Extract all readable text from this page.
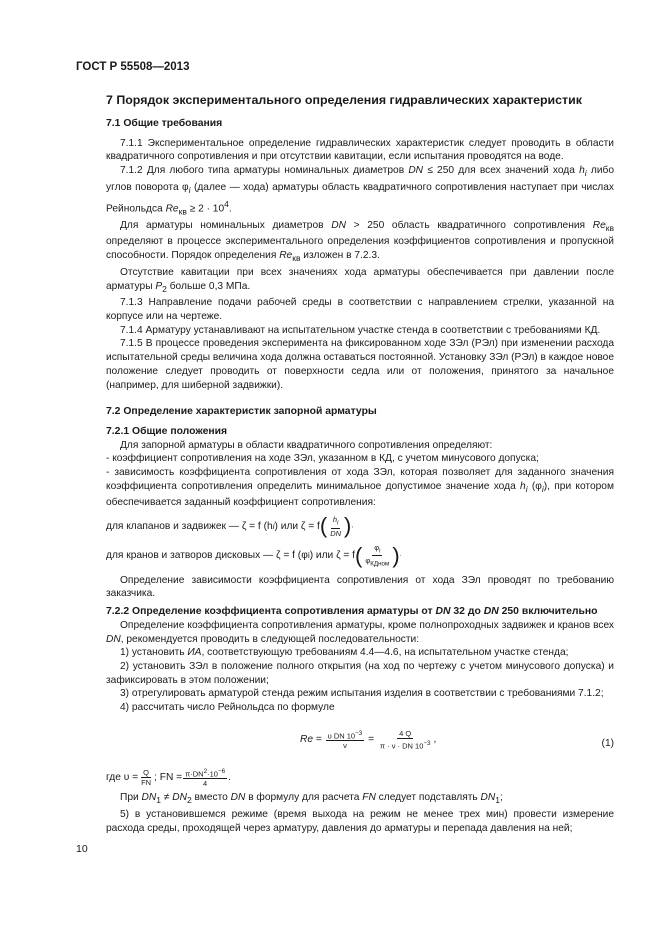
ГОСТ Р 55508—2013

7 Порядок экспериментального определения гидравлических характеристик

7.1 Общие требования

7.1.1 Экспериментальное определение гидравлических характеристик следует проводить в области квадратичного сопротивления и при отсутствии кавитации, если испытания проводятся на воде.

7.1.2 Для любого типа арматуры номинальных диаметров DN ≤ 250 для всех значений хода $h_i$ либо углов поворота $\varphi_i$ (далее — хода) арматуры область квадратичного сопротивления наступает при числах Рейнольдса $Re_{кв} \ge 2 \cdot 10^4$.

Для арматуры номинальных диаметров DN > 250 область квадратичного сопротивления $Re_{кв}$ определяют в процессе экспериментального определения коэффициентов сопротивления и пропускной способности. Порядок определения $Re_{кв}$ изложен в 7.2.3.

Отсутствие кавитации при всех значениях хода арматуры обеспечивается при давлении после арматуры $P_2$ больше 0,3 МПа.

7.1.3 Направление подачи рабочей среды в соответствии с направлением стрелки, указанной на корпусе или на чертеже.

7.1.4 Арматуру устанавливают на испытательном участке стенда в соответствии с требованиями КД.

7.1.5 В процессе проведения эксперимента на фиксированном ходе ЗЭл (РЭл) при изменении расхода испытательной среды величина хода должна оставаться постоянной. Установку ЗЭл (РЭл) в каждое новое положение следует проводить от поверхности седла или от положения, принятого за начальное (например, для шиберной задвижки).

7.2 Определение характеристик запорной арматуры

7.2.1 Общие положения

Для запорной арматуры в области квадратичного сопротивления определяют:

- коэффициент сопротивления на ходе ЗЭл, указанном в КД, с учетом минусового допуска;

- зависимость коэффициента сопротивления от хода ЗЭл, которая позволяет для заданного значения коэффициента сопротивления определить минимальное допустимое значение хода $h_i$ $(\varphi_i)$, при котором обеспечивается заданный коэффициент сопротивления:

для клапанов и задвижек — ζ = f (h i ) или ζ = f ( $\frac{h_i}{DN}$ ) ,
для кранов и затворов дисковых — ζ = f (φ i ) или ζ = f ( $\frac{\varphi_i}{\varphi_{КДном}}$ ) .

Определение зависимости коэффициента сопротивления от хода ЗЭл проводят по требованию заказчика.

7.2.2 Определение коэффициента сопротивления арматуры от DN 32 до DN 250 включительно

Определение коэффициента сопротивления арматуры, кроме полнопроходных задвижек и кранов всех DN, рекомендуется проводить в следующей последовательности:

1) установить ИА, соответствующую требованиям 4.4—4.6, на испытательном участке стенда;

2) установить ЗЭл в положение полного открытия (на ход по чертежу с учетом минусового допуска) и зафиксировать в этом положении;

3) отрегулировать арматурой стенда режим испытания изделия в соответствии с требованиями 7.1.2;

4) рассчитать число Рейнольдса по формуле

$Re = \frac{\upsilon DN 10^{-3}}{\nu} = \frac{4 Q}{\pi \cdot \nu \cdot DN 10^{-3}}$ ,	(1)
где $\upsilon = \frac{Q}{FN}$ ; FN = $\frac{\pi\cdot DN^2\cdot 10^{-6}}{4}$ .

При $DN_1 \ne DN_2$ вместо DN в формулу для расчета FN следует подставлять $DN_1$;

5) в установившемся режиме (время выхода на режим не менее трех мин) провести измерение расхода среды, проходящей через арматуру, давления до арматуры и перепада давления на ней;

10
